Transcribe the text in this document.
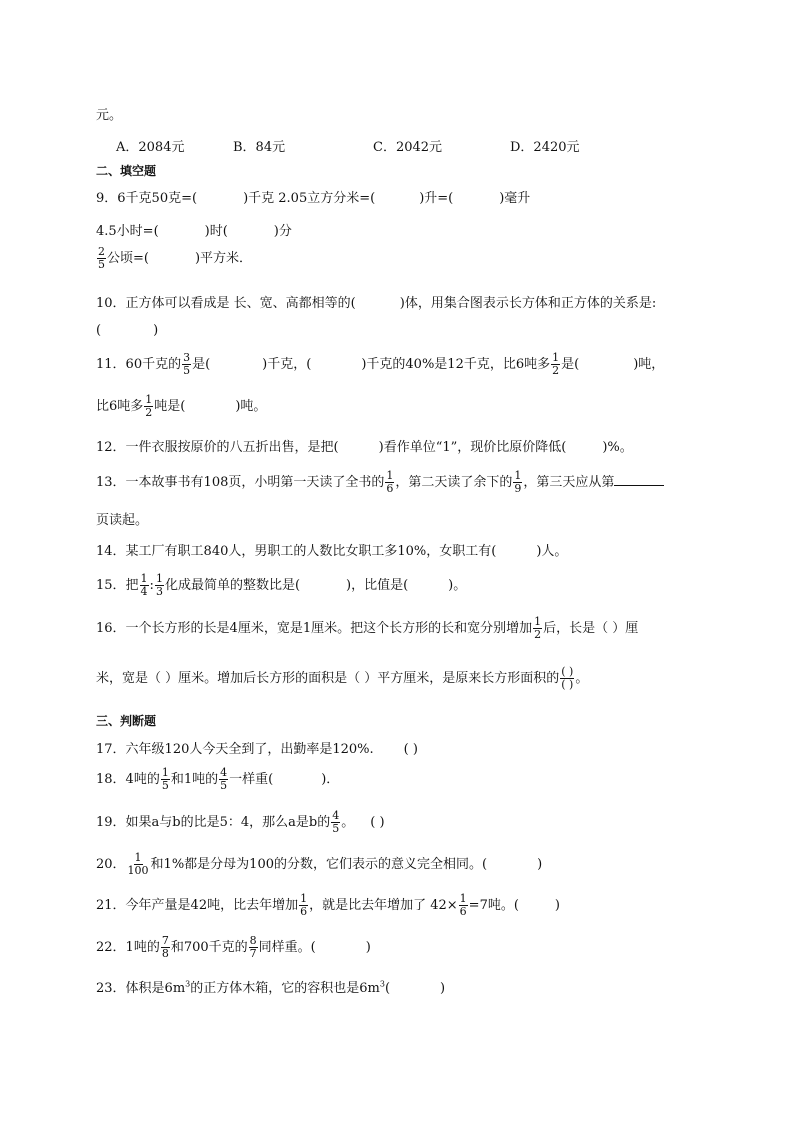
元。
A．2084元	B．84元	C．2042元	D．2420元
二、填空题
9．6千克50克=(	)千克 2.05立方分米=(	)升=(	)毫升
4.5小时=(	)时(	)分
$\frac{2}{5}$ 公顷=(	)平方米．
10．正方体可以看成是 长、宽、高都相等的(	)体，用集合图表示长方体和正方体的关系是:
(	)
11．60千克的 $\frac{3}{5}$ 是(	)千克，(	)千克的40%是12千克，比6吨多 $\frac{1}{2}$ 是(	)吨，
比6吨多 $\frac{1}{2}$ 吨是(	)吨。
12．一件衣服按原价的八五折出售，是把(	)看作单位“1”，现价比原价降低(	)%。
13．一本故事书有108页，小明第一天读了全书的 $\frac{1}{6}$ ，第二天读了余下的 $\frac{1}{9}$ ，第三天应从第
页读起。
14．某工厂有职工840人，男职工的人数比女职工多10%，女职工有(	)人。
15．把 $\frac{1}{4}$ : $\frac{1}{3}$ 化成最简单的整数比是(	)，比值是(	)。
16．一个长方形的长是4厘米，宽是1厘米。把这个长方形的长和宽分别增加 $\frac{1}{2}$ 后，长是（ ）厘
米，宽是（ ）厘米。增加后长方形的面积是（ ）平方厘米，是原来长方形面积的 ( )
( ) 。
三、判断题
17．六年级120人今天全到了，出勤率是120%. ( )
18．4吨的 $\frac{1}{5}$ 和1吨的 $\frac{4}{5}$ 一样重(	)．
19．如果a与b的比是5：4，那么a是b的 $\frac{4}{5}$ 。 ( )
20． $\frac{1}{100}$ 和1%都是分母为100的分数，它们表示的意义完全相同。(	)
21．今年产量是42吨，比去年增加 $\frac{1}{6}$ ，就是比去年增加了 $42\times \frac{1}{6} =7$吨。(	)
22．1吨的 $\frac{7}{8}$ 和700千克的 $\frac{8}{7}$ 同样重。(	)
23．体积是$6m^3$的正方体木箱，它的容积也是$6m^3$(	)
